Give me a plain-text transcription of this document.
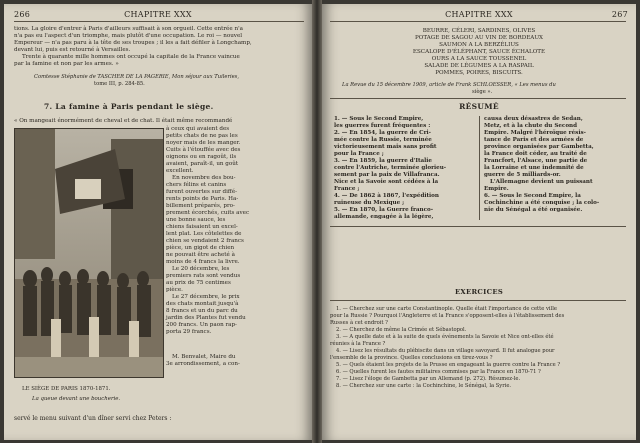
266	CHAPITRE XXX
tions. La gloire d'entrer à Paris d'ailleurs suffisait à son orgueil. Cette entrée n'a
n'a pas eu l'aspect d'un triomphe, mais plutôt d'une occupation. Le roi — nouvel
Empereur — n'a pas paru à la tête de ses troupes ; il les a fait défiler à Longchamp,
devant lui, puis est retourné à Versailles.
Trente à quarante mille hommes ont occupé la capitale de la France vaincue
par la famine et non par les armes. »
Comtesse Stéphanie de TASCHER DE LA PAGERIE, Mon séjour aux Tuileries,
tome III, p. 284-85.
7. La famine à Paris pendant le siège.
« On mangeait énormément de cheval et de chat. Il était même recommandé
à ceux qui avaient des
petits chats de ne pas les
noyer mais de les manger.
Cuits à l'étouffée avec des
oignons ou en ragoût, ils
avaient, paraît-il, un goût
excellent.
En novembre des bou-
chers félins et canins
furent ouvertes sur diffé-
rents points de Paris. Ha-
billement préparés, pro-
prement écorchés, cuits avec
une bonne sauce, les
chiens faisaient un excel-
lent plat. Les côtelettes de
chien se vendaient 2 francs
pièce, un gigot de chien
ne pouvait être acheté à
moins de 4 francs la livre.
Le 20 décembre, les
premiers rats sont vendus
au prix de 75 centimes
pièce.
Le 27 décembre, le prix
des chats montait jusqu'à
8 francs et un du parc du
jardin des Plantes fut vendu
200 francs. Un paon rap-
porta 29 francs.
M. Benvalet, Maire du
3e arrondissement, a con-
LE SIÈGE DE PARIS 1870-1871.
La queue devant une boucherie.
servé le menu suivant d'un dîner servi chez Peters :
CHAPITRE XXX	267
BEURRE, CÉLERI, SARDINES, OLIVES
POTAGE DE SAGOU AU VIN DE BORDEAUX
SAUMON A LA BERZÉLIUS
ESCALOPE D'ÉLÉPHANT, SAUCE ÉCHALOTE
OURS A LA SAUCE TOUSSENEL
SALADE DE LÉGUMES A LA RASPAIL
POMMES, POIRES, BISCUITS.
La Revue du 15 décembre 1909, article de Frank SCHLOESSER, « Les menus du
siège ».
RÉSUMÉ
1. — Sous le Second Empire,
les guerres furent fréquentes :
2. — En 1854, la guerre de Cri-
mée contre la Russie, terminée
victorieusement mais sans profit
pour la France ;
3. — En 1859, la guerre d'Italie
contre l'Autriche, terminée glorieu-
sement par la paix de Villafranca.
Nice et la Savoie sont cédées à la
France ;
4. — De 1862 à 1867, l'expédition
ruineuse du Mexique ;
5. — En 1870, la Guerre franco-
allemande, engagée à la légère,
causa deux désastres de Sedan,
Metz, et à la chute du Second
Empire. Malgré l'héroïque résis-
tance de Paris et des armées de
province organisées par Gambetta,
la France doit céder, au traité de
Francfort, l'Alsace, une partie de
la Lorraine et une indemnité de
guerre de 5 milliards-or.
L'Allemagne devient un puissant
Empire.
6. — Sous le Second Empire, la
Cochinchine a été conquise ; la colo-
nie du Sénégal a été organisée.
EXERCICES
1. — Cherchez sur une carte Constantinople. Quelle était l'importance de cette ville
pour la Russie ? Pourquoi l'Angleterre et la France s'opposent-elles à l'établissement des
Russes à cet endroit ?
2. — Cherchez de même la Crimée et Sébastopol.
3. — A quelle date et à la suite de quels événements la Savoie et Nice ont-elles été
réunies à la France ?
4. — Lisez les résultats du plébiscite dans un village savoyard. Il fut analogue pour
l'ensemble de la province. Quelles conclusions en tirez-vous ?
5. — Quels étaient les projets de la Prusse en engageant la guerre contre la France ?
6. — Quelles furent les fautes militaires commises par la France en 1870-71 ?
7. — Lisez l'éloge de Gambetta par un Allemand (p. 272). Résumez-le.
8. — Cherchez sur une carte : la Cochinchine, le Sénégal, la Syrie.
